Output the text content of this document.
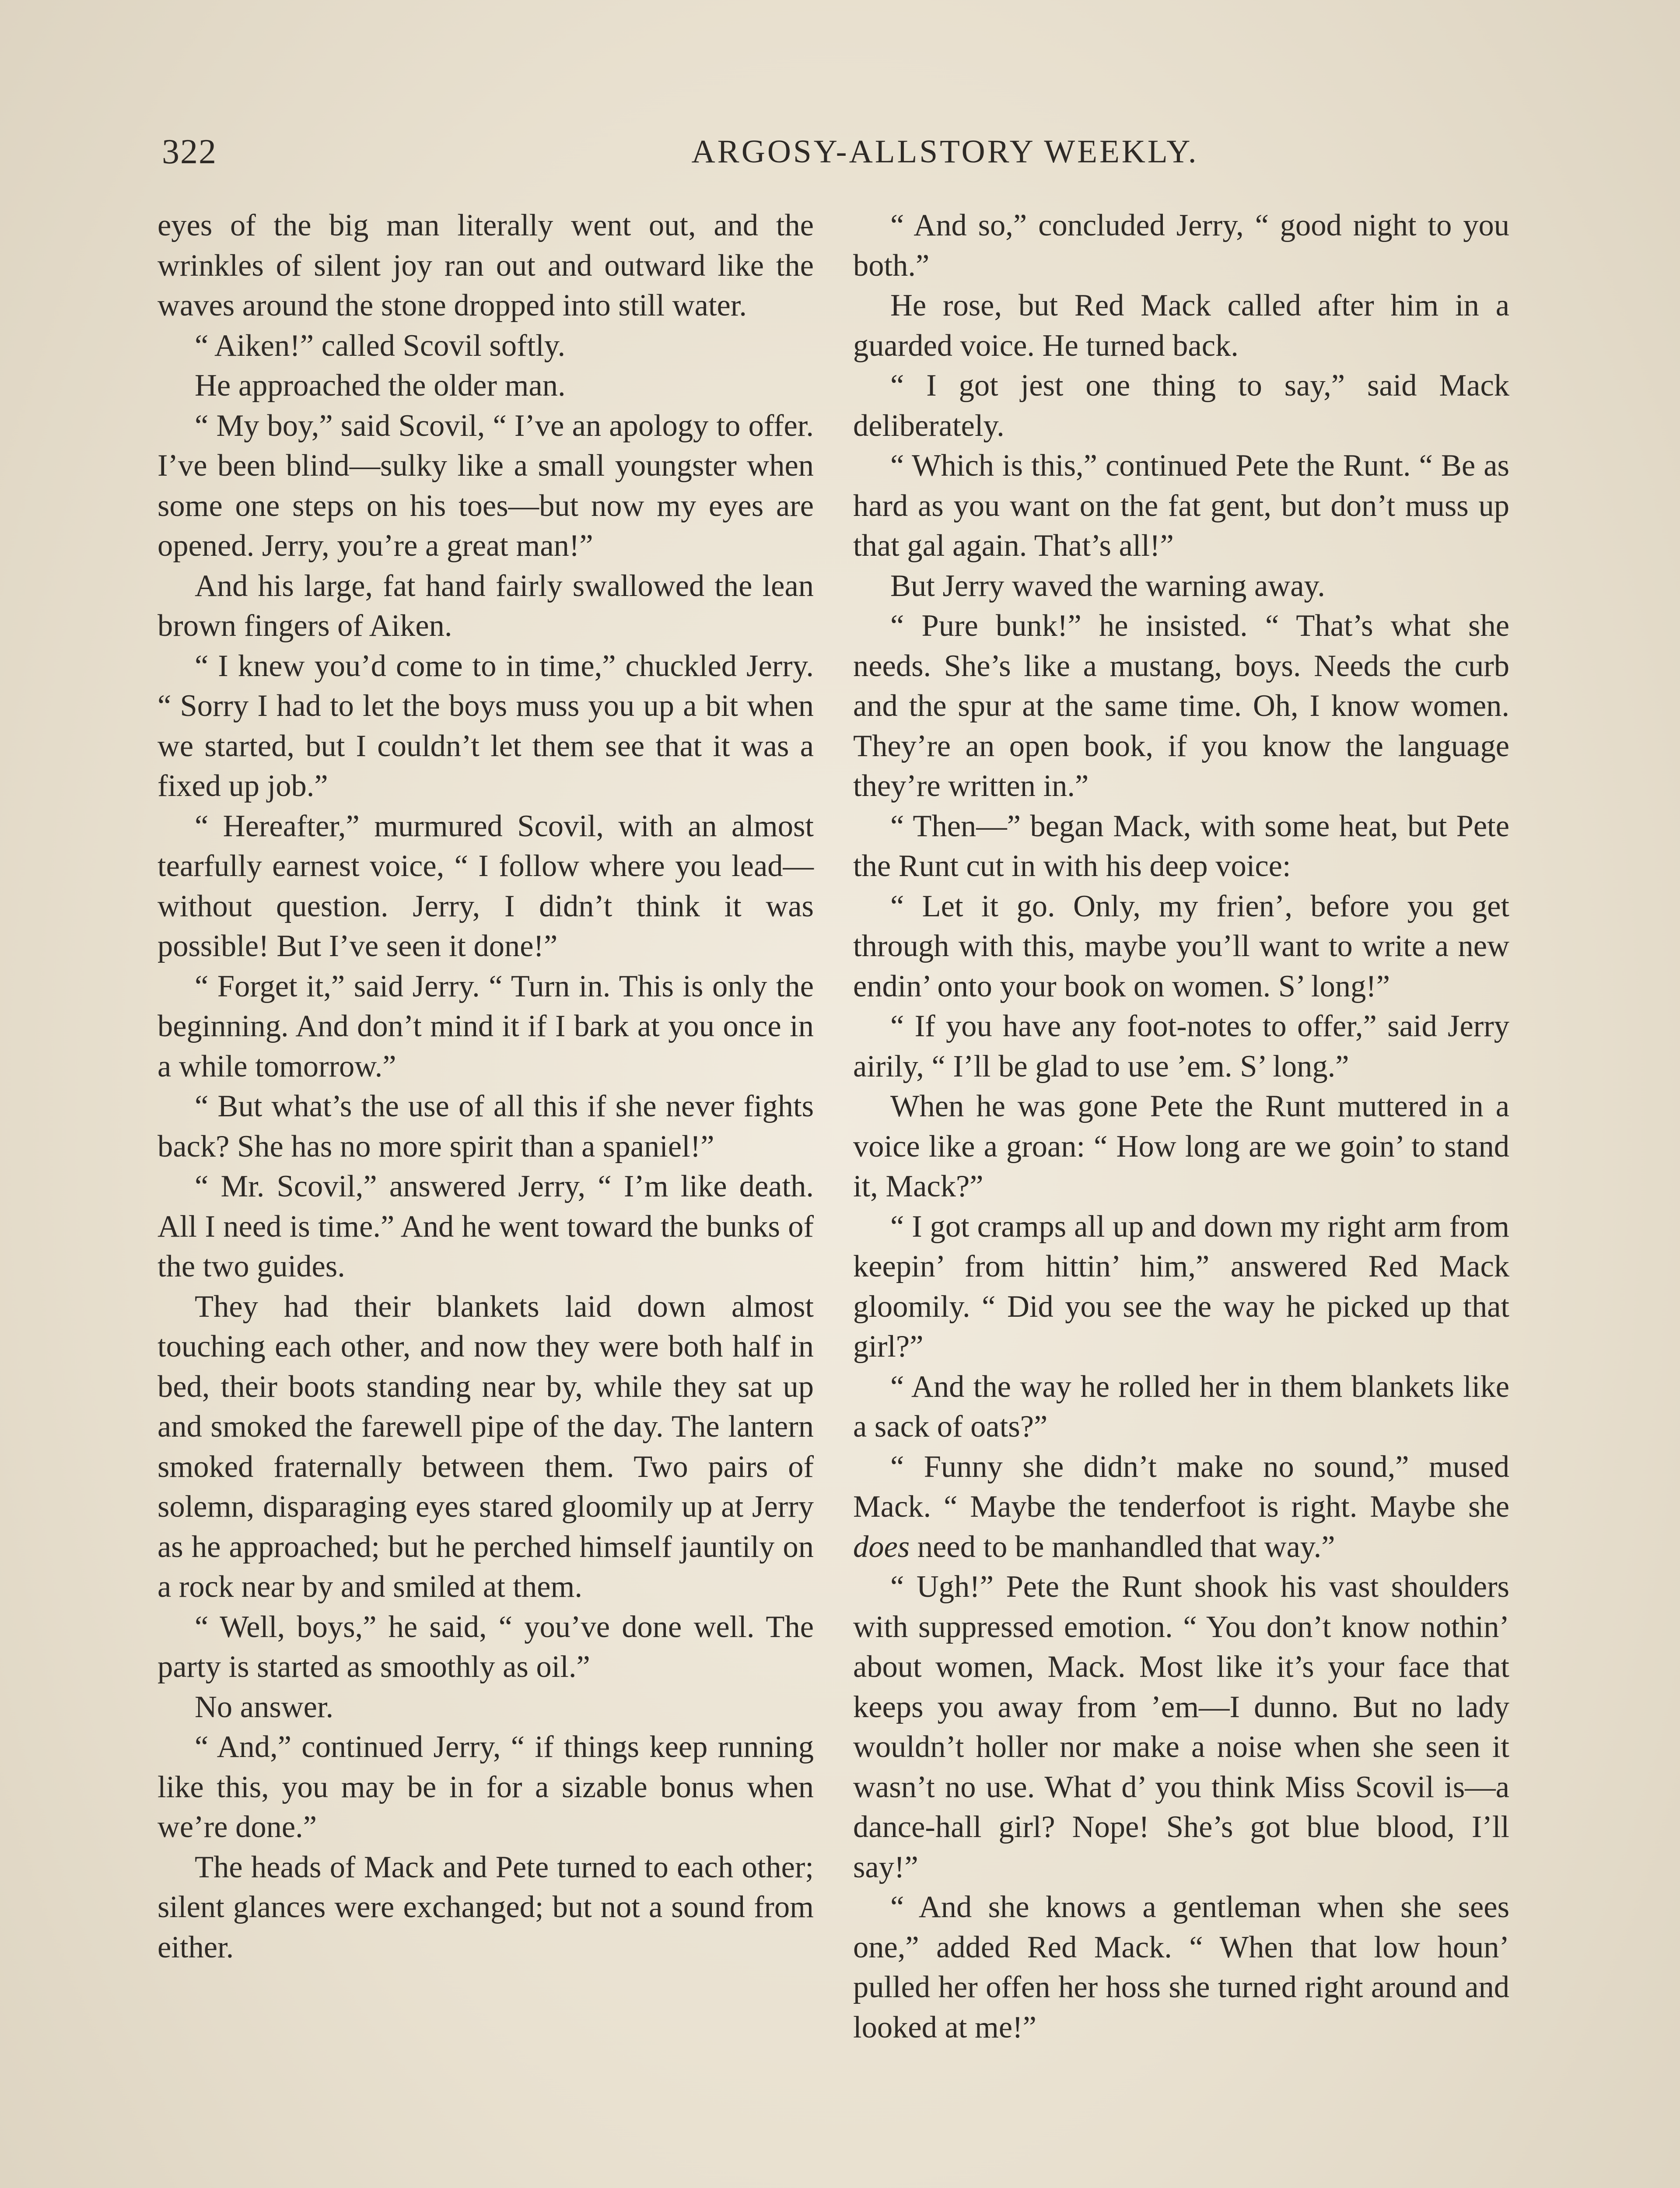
322	ARGOSY-ALLSTORY WEEKLY.

eyes of the big man literally went out, and the wrinkles of silent joy ran out and outward like the waves around the stone dropped into still water.

“ Aiken!” called Scovil softly.

He approached the older man.

“ My boy,” said Scovil, “ I’ve an apology to offer. I’ve been blind—sulky like a small youngster when some one steps on his toes—but now my eyes are opened. Jerry, you’re a great man!”

And his large, fat hand fairly swallowed the lean brown fingers of Aiken.

“ I knew you’d come to in time,” chuckled Jerry. “ Sorry I had to let the boys muss you up a bit when we started, but I couldn’t let them see that it was a fixed up job.”

“ Hereafter,” murmured Scovil, with an almost tearfully earnest voice, “ I follow where you lead—without question. Jerry, I didn’t think it was possible! But I’ve seen it done!”

“ Forget it,” said Jerry. “ Turn in. This is only the beginning. And don’t mind it if I bark at you once in a while tomorrow.”

“ But what’s the use of all this if she never fights back? She has no more spirit than a spaniel!”

“ Mr. Scovil,” answered Jerry, “ I’m like death. All I need is time.” And he went toward the bunks of the two guides.

They had their blankets laid down almost touching each other, and now they were both half in bed, their boots standing near by, while they sat up and smoked the farewell pipe of the day. The lantern smoked fraternally between them. Two pairs of solemn, disparaging eyes stared gloomily up at Jerry as he approached; but he perched himself jauntily on a rock near by and smiled at them.

“ Well, boys,” he said, “ you’ve done well. The party is started as smoothly as oil.”

No answer.

“ And,” continued Jerry, “ if things keep running like this, you may be in for a sizable bonus when we’re done.”

The heads of Mack and Pete turned to each other; silent glances were exchanged; but not a sound from either.

“ And so,” concluded Jerry, “ good night to you both.”

He rose, but Red Mack called after him in a guarded voice. He turned back.

“ I got jest one thing to say,” said Mack deliberately.

“ Which is this,” continued Pete the Runt. “ Be as hard as you want on the fat gent, but don’t muss up that gal again. That’s all!”

But Jerry waved the warning away.

“ Pure bunk!” he insisted. “ That’s what she needs. She’s like a mustang, boys. Needs the curb and the spur at the same time. Oh, I know women. They’re an open book, if you know the language they’re written in.”

“ Then—” began Mack, with some heat, but Pete the Runt cut in with his deep voice:

“ Let it go. Only, my frien’, before you get through with this, maybe you’ll want to write a new endin’ onto your book on women. S’ long!”

“ If you have any foot-notes to offer,” said Jerry airily, “ I’ll be glad to use ’em. S’ long.”

When he was gone Pete the Runt muttered in a voice like a groan: “ How long are we goin’ to stand it, Mack?”

“ I got cramps all up and down my right arm from keepin’ from hittin’ him,” answered Red Mack gloomily. “ Did you see the way he picked up that girl?”

“ And the way he rolled her in them blankets like a sack of oats?”

“ Funny she didn’t make no sound,” mused Mack. “ Maybe the tenderfoot is right. Maybe she does need to be manhandled that way.”

“ Ugh!” Pete the Runt shook his vast shoulders with suppressed emotion. “ You don’t know nothin’ about women, Mack. Most like it’s your face that keeps you away from ’em—I dunno. But no lady wouldn’t holler nor make a noise when she seen it wasn’t no use. What d’ you think Miss Scovil is—a dance-hall girl? Nope! She’s got blue blood, I’ll say!”

“ And she knows a gentleman when she sees one,” added Red Mack. “ When that low houn’ pulled her offen her hoss she turned right around and looked at me!”
